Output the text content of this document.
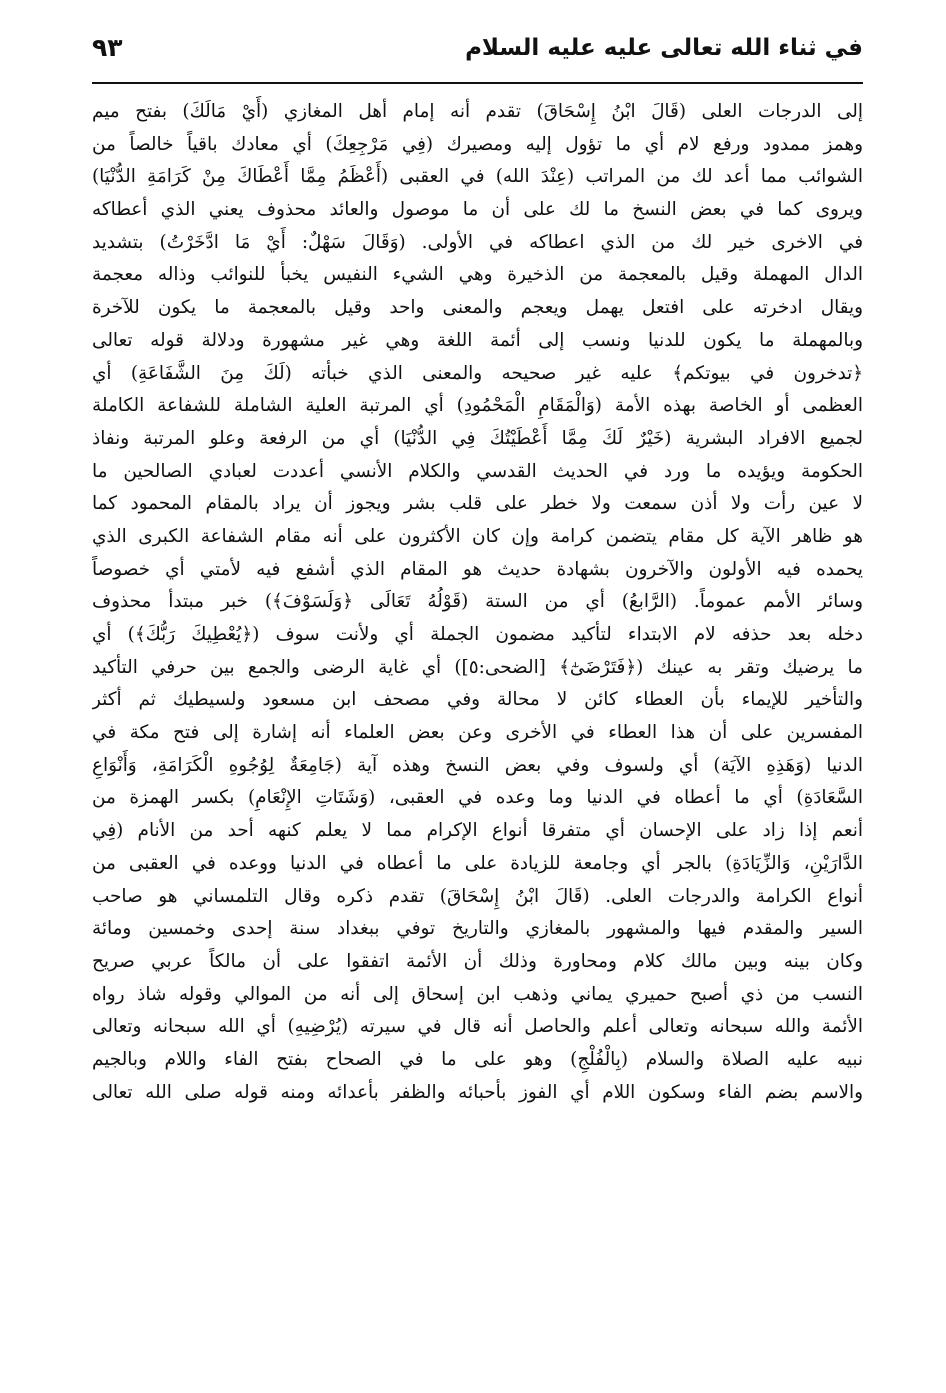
في ثناء الله تعالى عليه عليه السلام
٩٣
إلى الدرجات العلى (قَالَ ابْنُ إِسْحَاقَ) تقدم أنه إمام أهل المغازي (أَيْ مَالَكَ) بفتح ميم
وهمز ممدود ورفع لام أي ما تؤول إليه ومصيرك (فِي مَرْجِعِكَ) أي معادك باقياً خالصاً من
الشوائب مما أعد لك من المراتب (عِنْدَ الله) في العقبى (أَعْظَمُ مِمَّا أَعْطَاكَ مِنْ كَرَامَةِ الدُّنْيَا)
ويروى كما في بعض النسخ ما لك على أن ما موصول والعائد محذوف يعني الذي أعطاكه
في الاخرى خير لك من الذي اعطاكه في الأولى. (وَقَالَ سَهْلٌ: أَيْ مَا ادَّخَرْتُ) بتشديد
الدال المهملة وقيل بالمعجمة من الذخيرة وهي الشيء النفيس يخبأ للنوائب وذاله معجمة
ويقال ادخرته على افتعل يهمل ويعجم والمعنى واحد وقيل بالمعجمة ما يكون للآخرة
وبالمهملة ما يكون للدنيا ونسب إلى أئمة اللغة وهي غير مشهورة ودلالة قوله تعالى
﴿تدخرون في بيوتكم﴾ عليه غير صحيحه والمعنى الذي خبأته (لَكَ مِنَ الشَّفَاعَةِ) أي
العظمى أو الخاصة بهذه الأمة (وَالْمَقَامِ الْمَحْمُودِ) أي المرتبة العلية الشاملة للشفاعة الكاملة
لجميع الافراد البشرية (خَيْرٌ لَكَ مِمَّا أَعْطَيْتُكَ فِي الدُّنْيَا) أي من الرفعة وعلو المرتبة ونفاذ
الحكومة ويؤيده ما ورد في الحديث القدسي والكلام الأنسي أعددت لعبادي الصالحين ما
لا عين رأت ولا أذن سمعت ولا خطر على قلب بشر ويجوز أن يراد بالمقام المحمود كما
هو ظاهر الآية كل مقام يتضمن كرامة وإن كان الأكثرون على أنه مقام الشفاعة الكبرى الذي
يحمده فيه الأولون والآخرون بشهادة حديث هو المقام الذي أشفع فيه لأمتي أي خصوصاً
وسائر الأمم عموماً. (الرَّابعُ) أي من الستة (قَوْلُهُ تَعَالَى ﴿وَلَسَوْفَ﴾) خبر مبتدأ محذوف
دخله بعد حذفه لام الابتداء لتأكيد مضمون الجملة أي ولأنت سوف (﴿يُعْطِيكَ رَبُّكَ﴾) أي
ما يرضيك وتقر به عينك (﴿فَتَرْضَىٰٓ﴾ [الضحى:٥]) أي غاية الرضى والجمع بين حرفي التأكيد
والتأخير للإيماء بأن العطاء كائن لا محالة وفي مصحف ابن مسعود ولسيطيك ثم أكثر
المفسرين على أن هذا العطاء في الأخرى وعن بعض العلماء أنه إشارة إلى فتح مكة في
الدنيا (وَهَذِهِ الآيَة) أي ولسوف وفي بعض النسخ وهذه آية (جَامِعَةٌ لِوُجُوهِ الْكَرَامَةِ، وَأَنْوَاعِ
السَّعَادَةِ) أي ما أعطاه في الدنيا وما وعده في العقبى، (وَشَتَاتِ الإِنْعَامِ) بكسر الهمزة من
أنعم إذا زاد على الإحسان أي متفرقا أنواع الإكرام مما لا يعلم كنهه أحد من الأنام (فِي
الدَّارَيْنِ، وَالزِّيَادَةِ) بالجر أي وجامعة للزيادة على ما أعطاه في الدنيا ووعده في العقبى من
أنواع الكرامة والدرجات العلى. (قَالَ ابْنُ إِسْحَاقَ) تقدم ذكره وقال التلمساني هو صاحب
السير والمقدم فيها والمشهور بالمغازي والتاريخ توفي ببغداد سنة إحدى وخمسين ومائة
وكان بينه وبين مالك كلام ومحاورة وذلك أن الأئمة اتفقوا على أن مالكاً عربي صريح
النسب من ذي أصبح حميري يماني وذهب ابن إسحاق إلى أنه من الموالي وقوله شاذ رواه
الأئمة والله سبحانه وتعالى أعلم والحاصل أنه قال في سيرته (يُرْضِيهِ) أي الله سبحانه وتعالى
نبيه عليه الصلاة والسلام (بِالْفُلْجِ) وهو على ما في الصحاح بفتح الفاء واللام وبالجيم
والاسم بضم الفاء وسكون اللام أي الفوز بأحبائه والظفر بأعدائه ومنه قوله صلى الله تعالى
